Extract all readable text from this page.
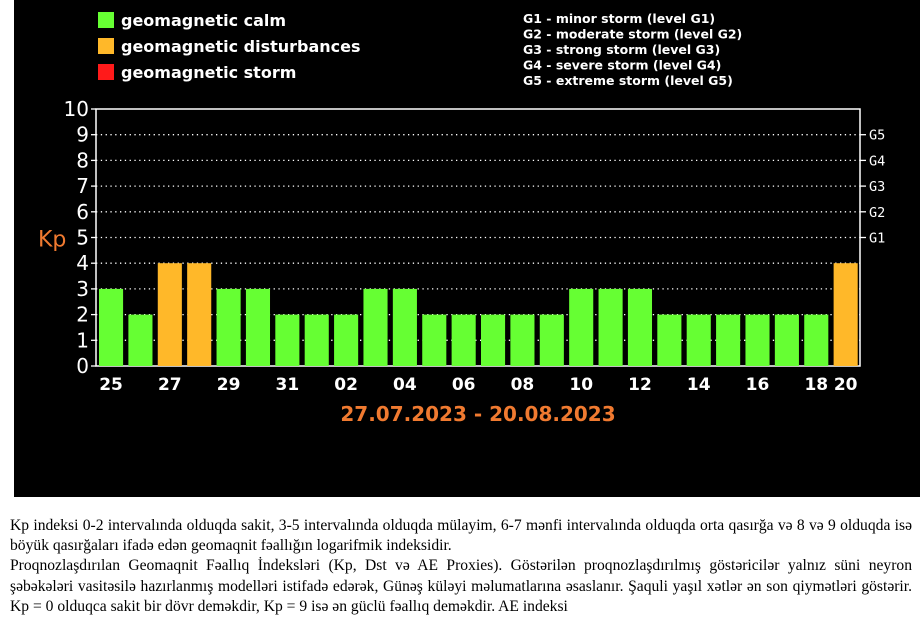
geomagnetic calm
geomagnetic disturbances
geomagnetic storm
G1 - minor storm (level G1)
G2 - moderate storm (level G2)
G3 - strong storm (level G3)
G4 - severe storm (level G4)
G5 - extreme storm (level G5)
0
1
2
3
4
5
6
7
8
9
10
Kp	G1
G2
G3
G4
G5
25 27 29 31 02 04 06 08 10 12 14 16 18 20
27.07.2023 - 20.08.2023

Kp indeksi 0-2 intervalında olduqda sakit, 3-5 intervalında olduqda mülayim, 6-7 mənfi intervalında olduqda orta qasırğa və 8 və 9 olduqda isə böyük qasırğaları ifadə edən geomaqnit fəallığın logarifmik indeksidir.

Proqnozlaşdırılan Geomaqnit Fəallıq İndeksləri (Kp, Dst və AE Proxies). Göstərilən proqnozlaşdırılmış göstəricilər yalnız süni neyron şəbəkələri vasitəsilə hazırlanmış modelləri istifadə edərək, Günəş küləyi məlumatlarına əsaslanır. Şaquli yaşıl xətlər ən son qiymətləri göstərir. Kp = 0 olduqca sakit bir dövr deməkdir, Kp = 9 isə ən güclü fəallıq deməkdir. AE indeksi
